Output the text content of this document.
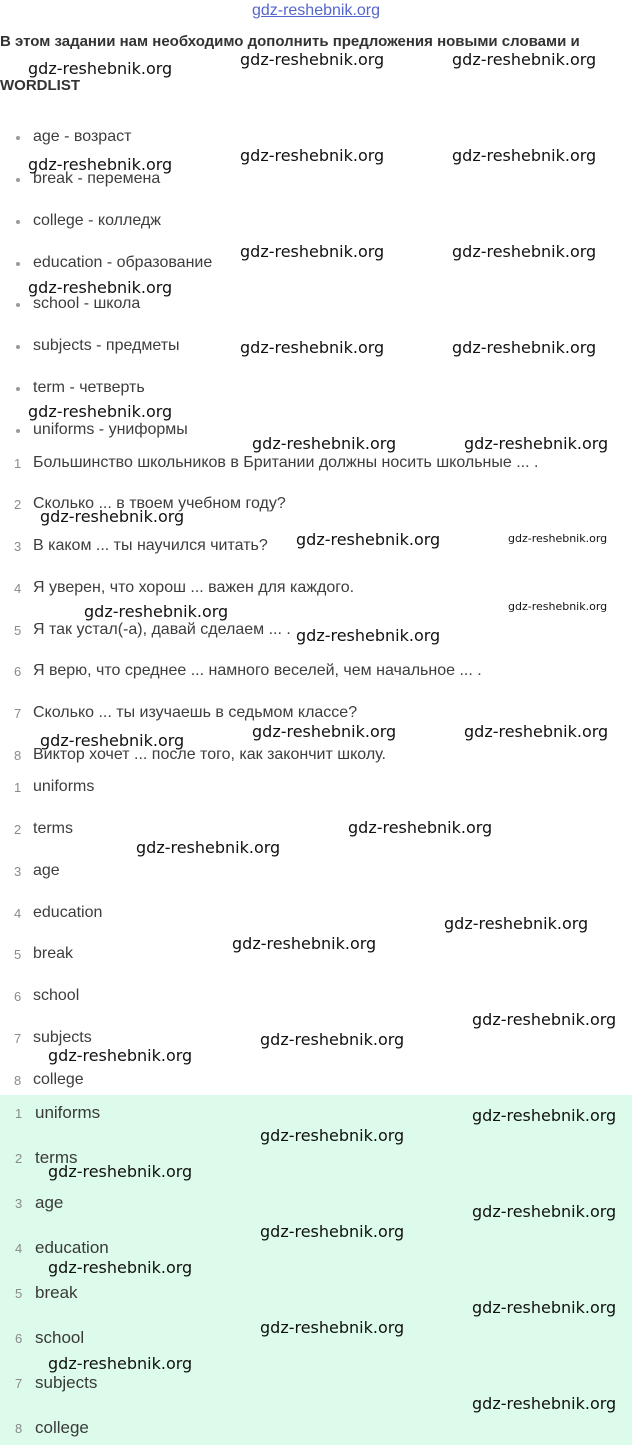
gdz-reshebnik.org
В этом задании нам необходимо дополнить предложения новыми словами и
WORDLIST
age - возраст
break - перемена
college - колледж
education - образование
school - школа
subjects - предметы
term - четверть
uniforms - униформы
1 Большинство школьников в Британии должны носить школьные ... .
2 Сколько ... в твоем учебном году?
3 В каком ... ты научился читать?
4 Я уверен, что хорош ... важен для каждого.
5 Я так устал(-а), давай сделаем ... .
6 Я верю, что среднее ... намного веселей, чем начальное ... .
7 Сколько ... ты изучаешь в седьмом классе?
8 Виктор хочет ... после того, как закончит школу.
1 uniforms
2 terms
3 age
4 education
5 break
6 school
7 subjects
8 college
1 uniforms
2 terms
3 age
4 education
5 break
6 school
7 subjects
8 college
gdz-reshebnik.org	gdz-reshebnik.org	gdz-reshebnik.org
gdz-reshebnik.org	gdz-reshebnik.org	gdz-reshebnik.org
gdz-reshebnik.org	gdz-reshebnik.org
gdz-reshebnik.org
gdz-reshebnik.org	gdz-reshebnik.org
gdz-reshebnik.org
gdz-reshebnik.org	gdz-reshebnik.org
gdz-reshebnik.org
gdz-reshebnik.org	gdz-reshebnik.org
gdz-reshebnik.org	gdz-reshebnik.org
gdz-reshebnik.org
gdz-reshebnik.org	gdz-reshebnik.org
gdz-reshebnik.org
gdz-reshebnik.org
gdz-reshebnik.org
gdz-reshebnik.org
gdz-reshebnik.org
gdz-reshebnik.org
gdz-reshebnik.org
gdz-reshebnik.org
gdz-reshebnik.org
gdz-reshebnik.org
gdz-reshebnik.org
gdz-reshebnik.org
gdz-reshebnik.org
gdz-reshebnik.org
gdz-reshebnik.org
gdz-reshebnik.org
gdz-reshebnik.org
gdz-reshebnik.org
